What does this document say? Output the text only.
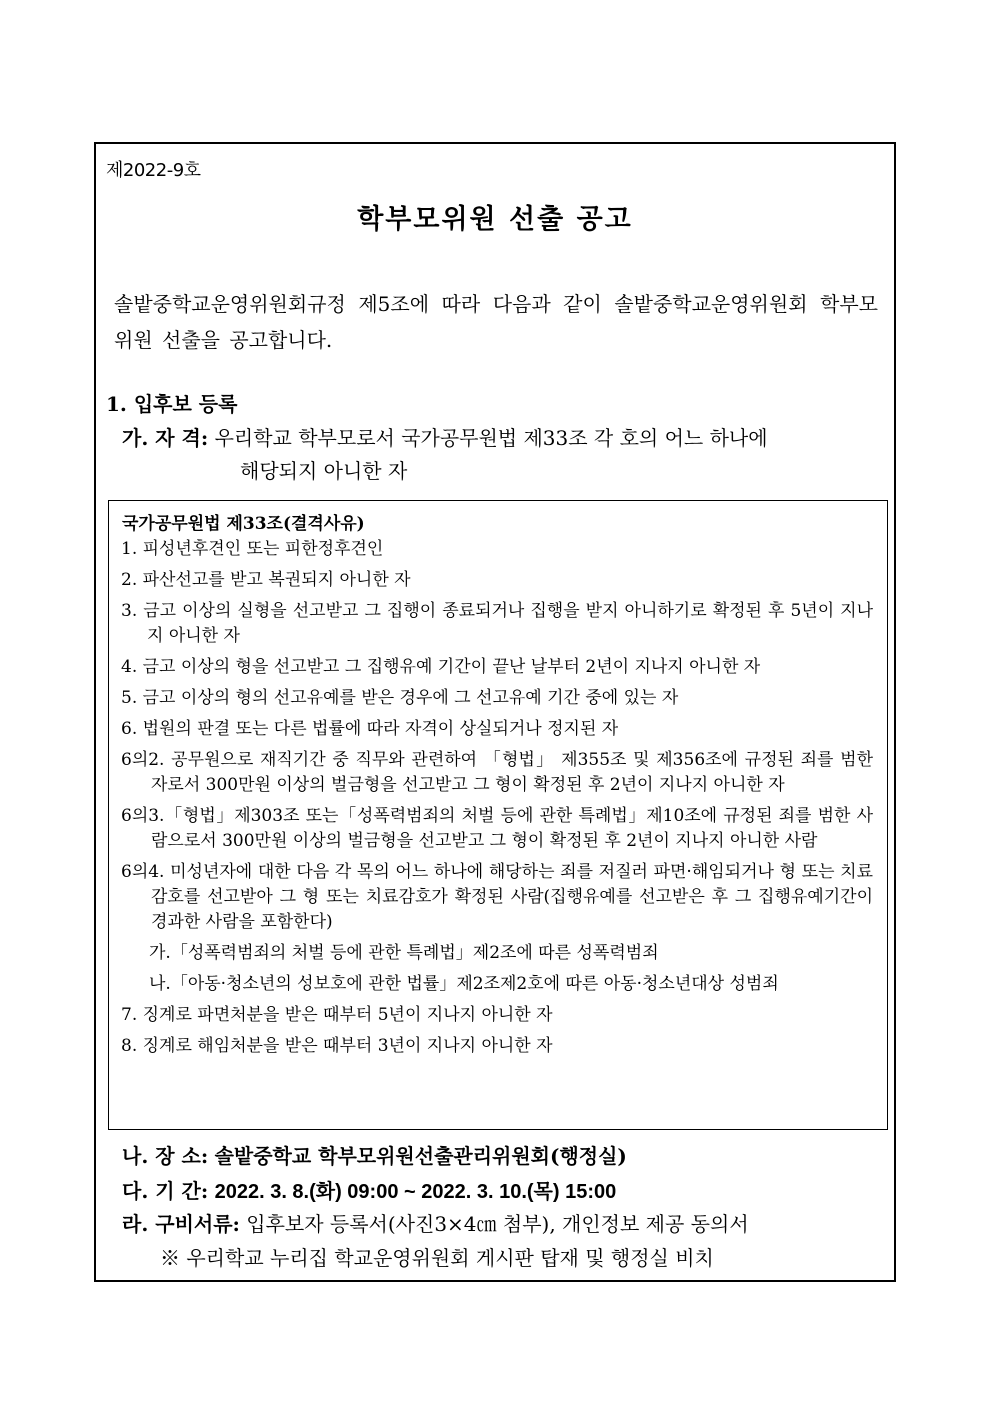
제2022-9호
학부모위원 선출 공고

솔밭중학교운영위원회규정 제5조에 따라 다음과 같이 솔밭중학교운영위원회 학부모위원 선출을 공고합니다.

1. 입후보 등록
가. 자 격: 우리학교 학부모로서 국가공무원법 제33조 각 호의 어느 하나에
해당되지 아니한 자
국가공무원법 제33조(결격사유)
1. 피성년후견인 또는 피한정후견인
2. 파산선고를 받고 복권되지 아니한 자
3. 금고 이상의 실형을 선고받고 그 집행이 종료되거나 집행을 받지 아니하기로 확정된 후 5년이 지나지 아니한 자
4. 금고 이상의 형을 선고받고 그 집행유예 기간이 끝난 날부터 2년이 지나지 아니한 자
5. 금고 이상의 형의 선고유예를 받은 경우에 그 선고유예 기간 중에 있는 자
6. 법원의 판결 또는 다른 법률에 따라 자격이 상실되거나 정지된 자
6의2. 공무원으로 재직기간 중 직무와 관련하여 「형법」 제355조 및 제356조에 규정된 죄를 범한 자로서 300만원 이상의 벌금형을 선고받고 그 형이 확정된 후 2년이 지나지 아니한 자
6의3.「형법」제303조 또는「성폭력범죄의 처벌 등에 관한 특례법」제10조에 규정된 죄를 범한 사람으로서 300만원 이상의 벌금형을 선고받고 그 형이 확정된 후 2년이 지나지 아니한 사람
6의4. 미성년자에 대한 다음 각 목의 어느 하나에 해당하는 죄를 저질러 파면·해임되거나 형 또는 치료감호를 선고받아 그 형 또는 치료감호가 확정된 사람(집행유예를 선고받은 후 그 집행유예기간이 경과한 사람을 포함한다)
가.「성폭력범죄의 처벌 등에 관한 특례법」제2조에 따른 성폭력범죄
나.「아동·청소년의 성보호에 관한 법률」제2조제2호에 따른 아동·청소년대상 성범죄
7. 징계로 파면처분을 받은 때부터 5년이 지나지 아니한 자
8. 징계로 해임처분을 받은 때부터 3년이 지나지 아니한 자
나. 장 소: 솔밭중학교 학부모위원선출관리위원회(행정실)
다. 기 간: 2022. 3. 8.(화) 09:00 ~ 2022. 3. 10.(목) 15:00
라. 구비서류: 입후보자 등록서(사진3×4㎝ 첨부), 개인정보 제공 동의서
※ 우리학교 누리집 학교운영위원회 게시판 탑재 및 행정실 비치
